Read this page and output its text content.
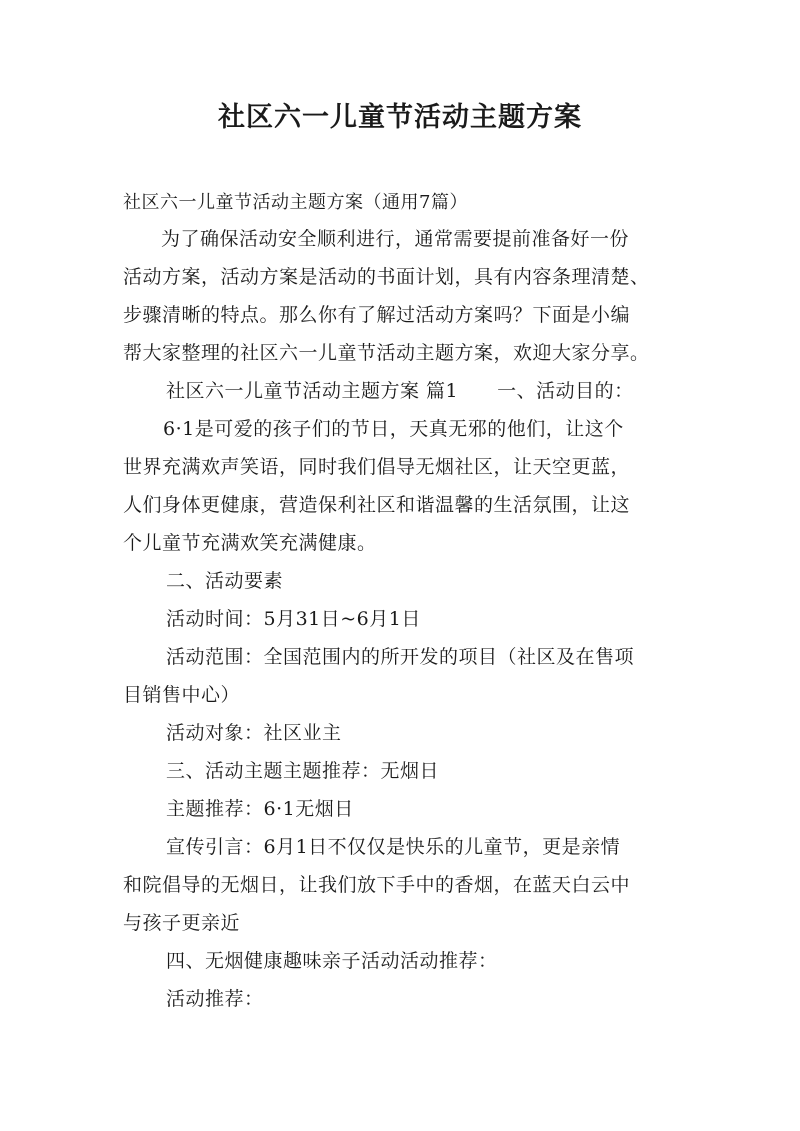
社区六一儿童节活动主题方案
社区六一儿童节活动主题方案（通用7篇）
为了确保活动安全顺利进行，通常需要提前准备好一份
活动方案，活动方案是活动的书面计划，具有内容条理清楚、
步骤清晰的特点。那么你有了解过活动方案吗？下面是小编
帮大家整理的社区六一儿童节活动主题方案，欢迎大家分享。
社区六一儿童节活动主题方案 篇1　　一、活动目的：
6·1是可爱的孩子们的节日，天真无邪的他们，让这个
世界充满欢声笑语，同时我们倡导无烟社区，让天空更蓝，
人们身体更健康，营造保利社区和谐温馨的生活氛围，让这
个儿童节充满欢笑充满健康。
二、活动要素
活动时间：5月31日~6月1日
活动范围：全国范围内的所开发的项目（社区及在售项
目销售中心）
活动对象：社区业主
三、活动主题主题推荐：无烟日
主题推荐：6·1无烟日
宣传引言：6月1日不仅仅是快乐的儿童节，更是亲情
和院倡导的无烟日，让我们放下手中的香烟，在蓝天白云中
与孩子更亲近
四、无烟健康趣味亲子活动活动推荐：
活动推荐：
